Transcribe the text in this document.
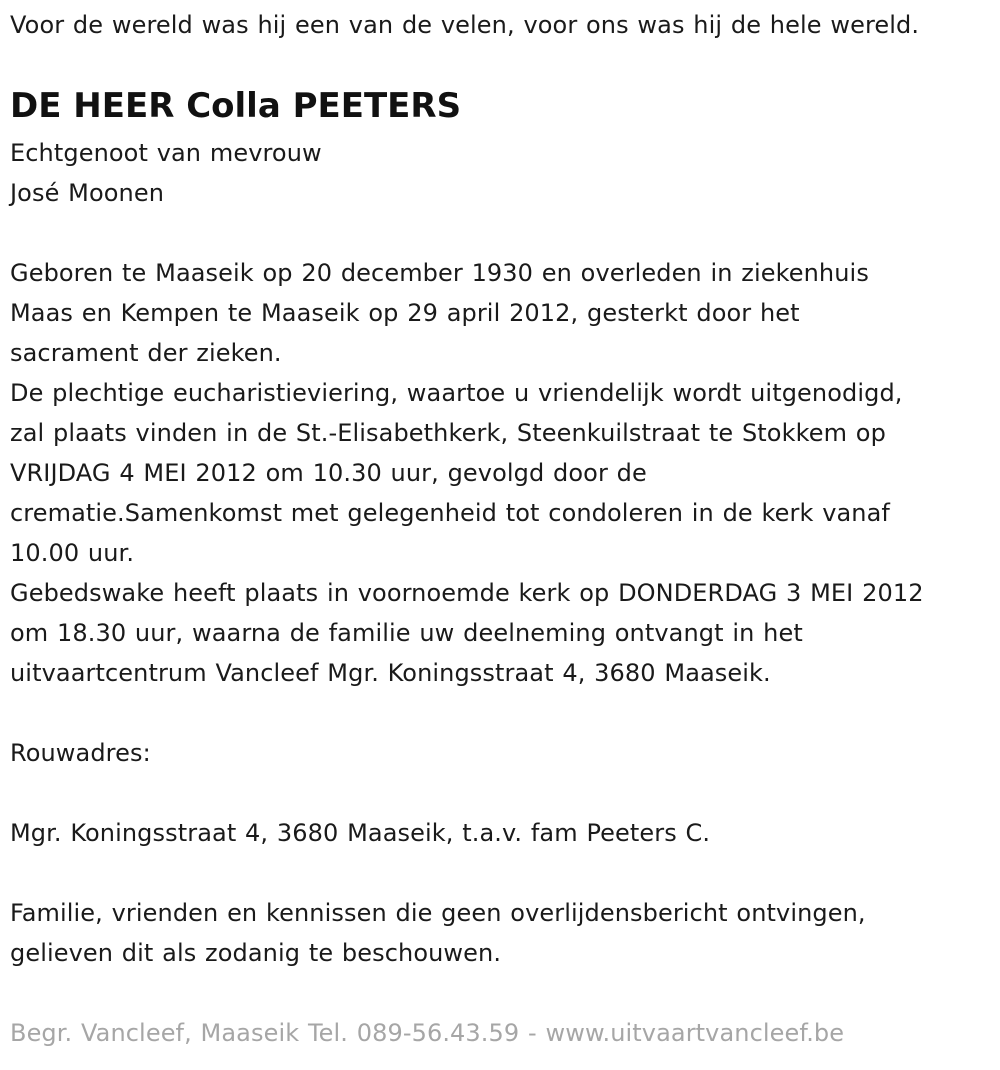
Voor de wereld was hij een van de velen, voor ons was hij de hele wereld.
DE HEER Colla PEETERS
Echtgenoot van mevrouw
José Moonen
Geboren te Maaseik op 20 december 1930 en overleden in ziekenhuis
Maas en Kempen te Maaseik op 29 april 2012, gesterkt door het
sacrament der zieken.
De plechtige eucharistieviering, waartoe u vriendelijk wordt uitgenodigd,
zal plaats vinden in de St.-Elisabethkerk, Steenkuilstraat te Stokkem op
VRIJDAG 4 MEI 2012 om 10.30 uur, gevolgd door de
crematie.Samenkomst met gelegenheid tot condoleren in de kerk vanaf
10.00 uur.
Gebedswake heeft plaats in voornoemde kerk op DONDERDAG 3 MEI 2012
om 18.30 uur, waarna de familie uw deelneming ontvangt in het
uitvaartcentrum Vancleef Mgr. Koningsstraat 4, 3680 Maaseik.
Rouwadres:
Mgr. Koningsstraat 4, 3680 Maaseik, t.a.v. fam Peeters C.
Familie, vrienden en kennissen die geen overlijdensbericht ontvingen,
gelieven dit als zodanig te beschouwen.
Begr. Vancleef, Maaseik Tel. 089-56.43.59 - www.uitvaartvancleef.be
